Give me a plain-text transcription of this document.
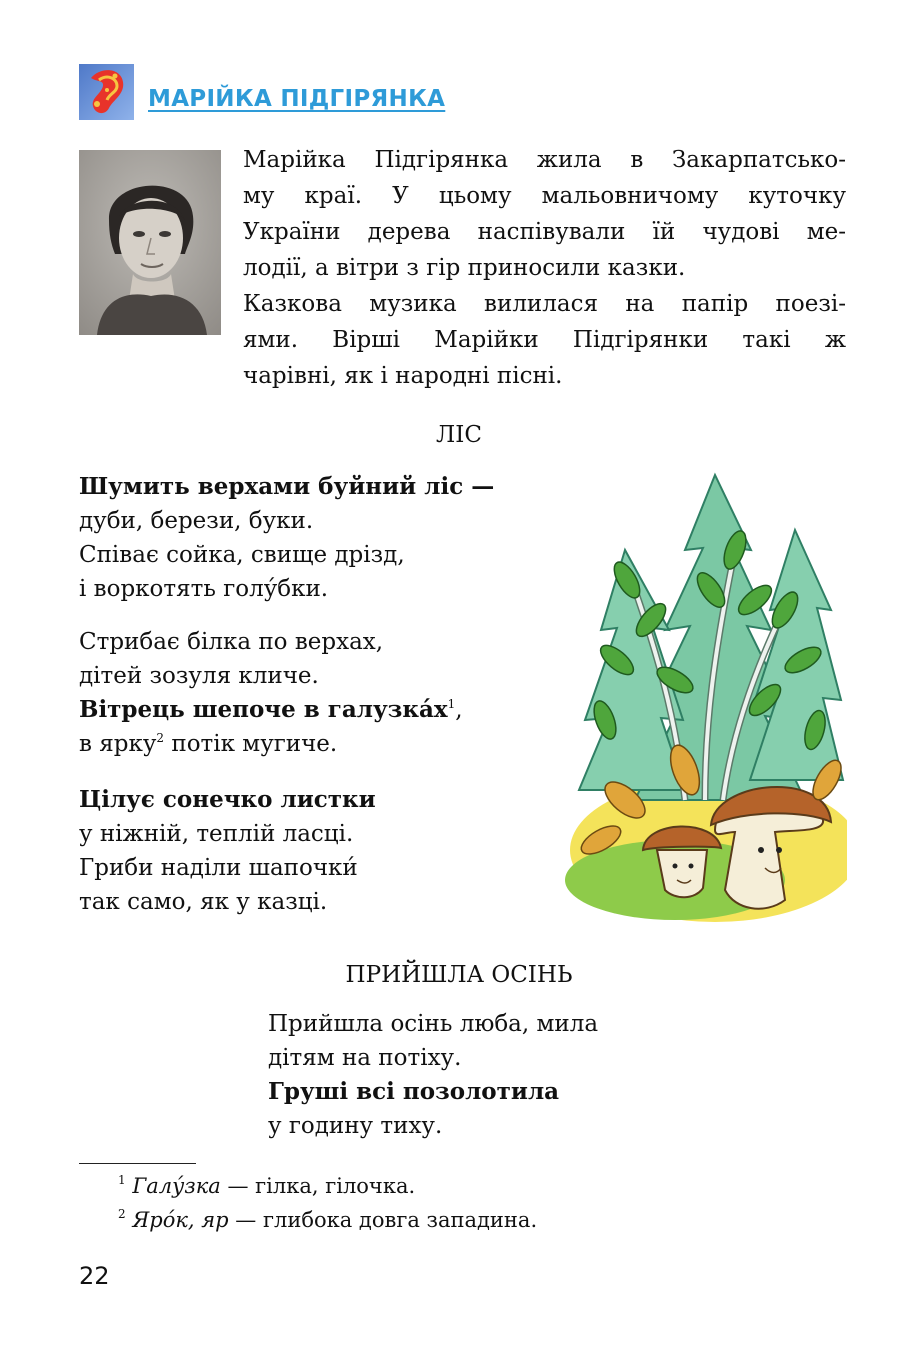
МАРІЙКА ПІДГІРЯНКА
Марійка Підгірянка жила в Закарпатсько-
му краї. У цьому мальовничому куточку
України дерева наспівували їй чудові ме-
лодії, а вітри з гір приносили казки.
Казкова музика вилилася на папір поезі-
ями. Вірші Марійки Підгірянки такі ж
чарівні, як і народні пісні.
ЛІС
Шумить верхами буйний ліс —
дуби, берези, буки.
Співає сойка, свище дрізд,
і воркотять голу́бки.
Стрибає білка по верхах,
дітей зозуля кличе.
Вітрець шепоче в $галузка́х^1$,
в ярку$^2$ потік мугиче.
Цілує сонечко листки
у ніжній, теплій ласці.
Гриби наділи шапочки́
так само, як у казці.
ПРИЙШЛА ОСІНЬ
Прийшла осінь люба, мила
дітям на потіху.
Груші всі позолотила
у годину тиху.
$^1$ Галу́зка — гілка, гілочка.
$^2$ Яро́к, яр — глибока довга западина.
22
